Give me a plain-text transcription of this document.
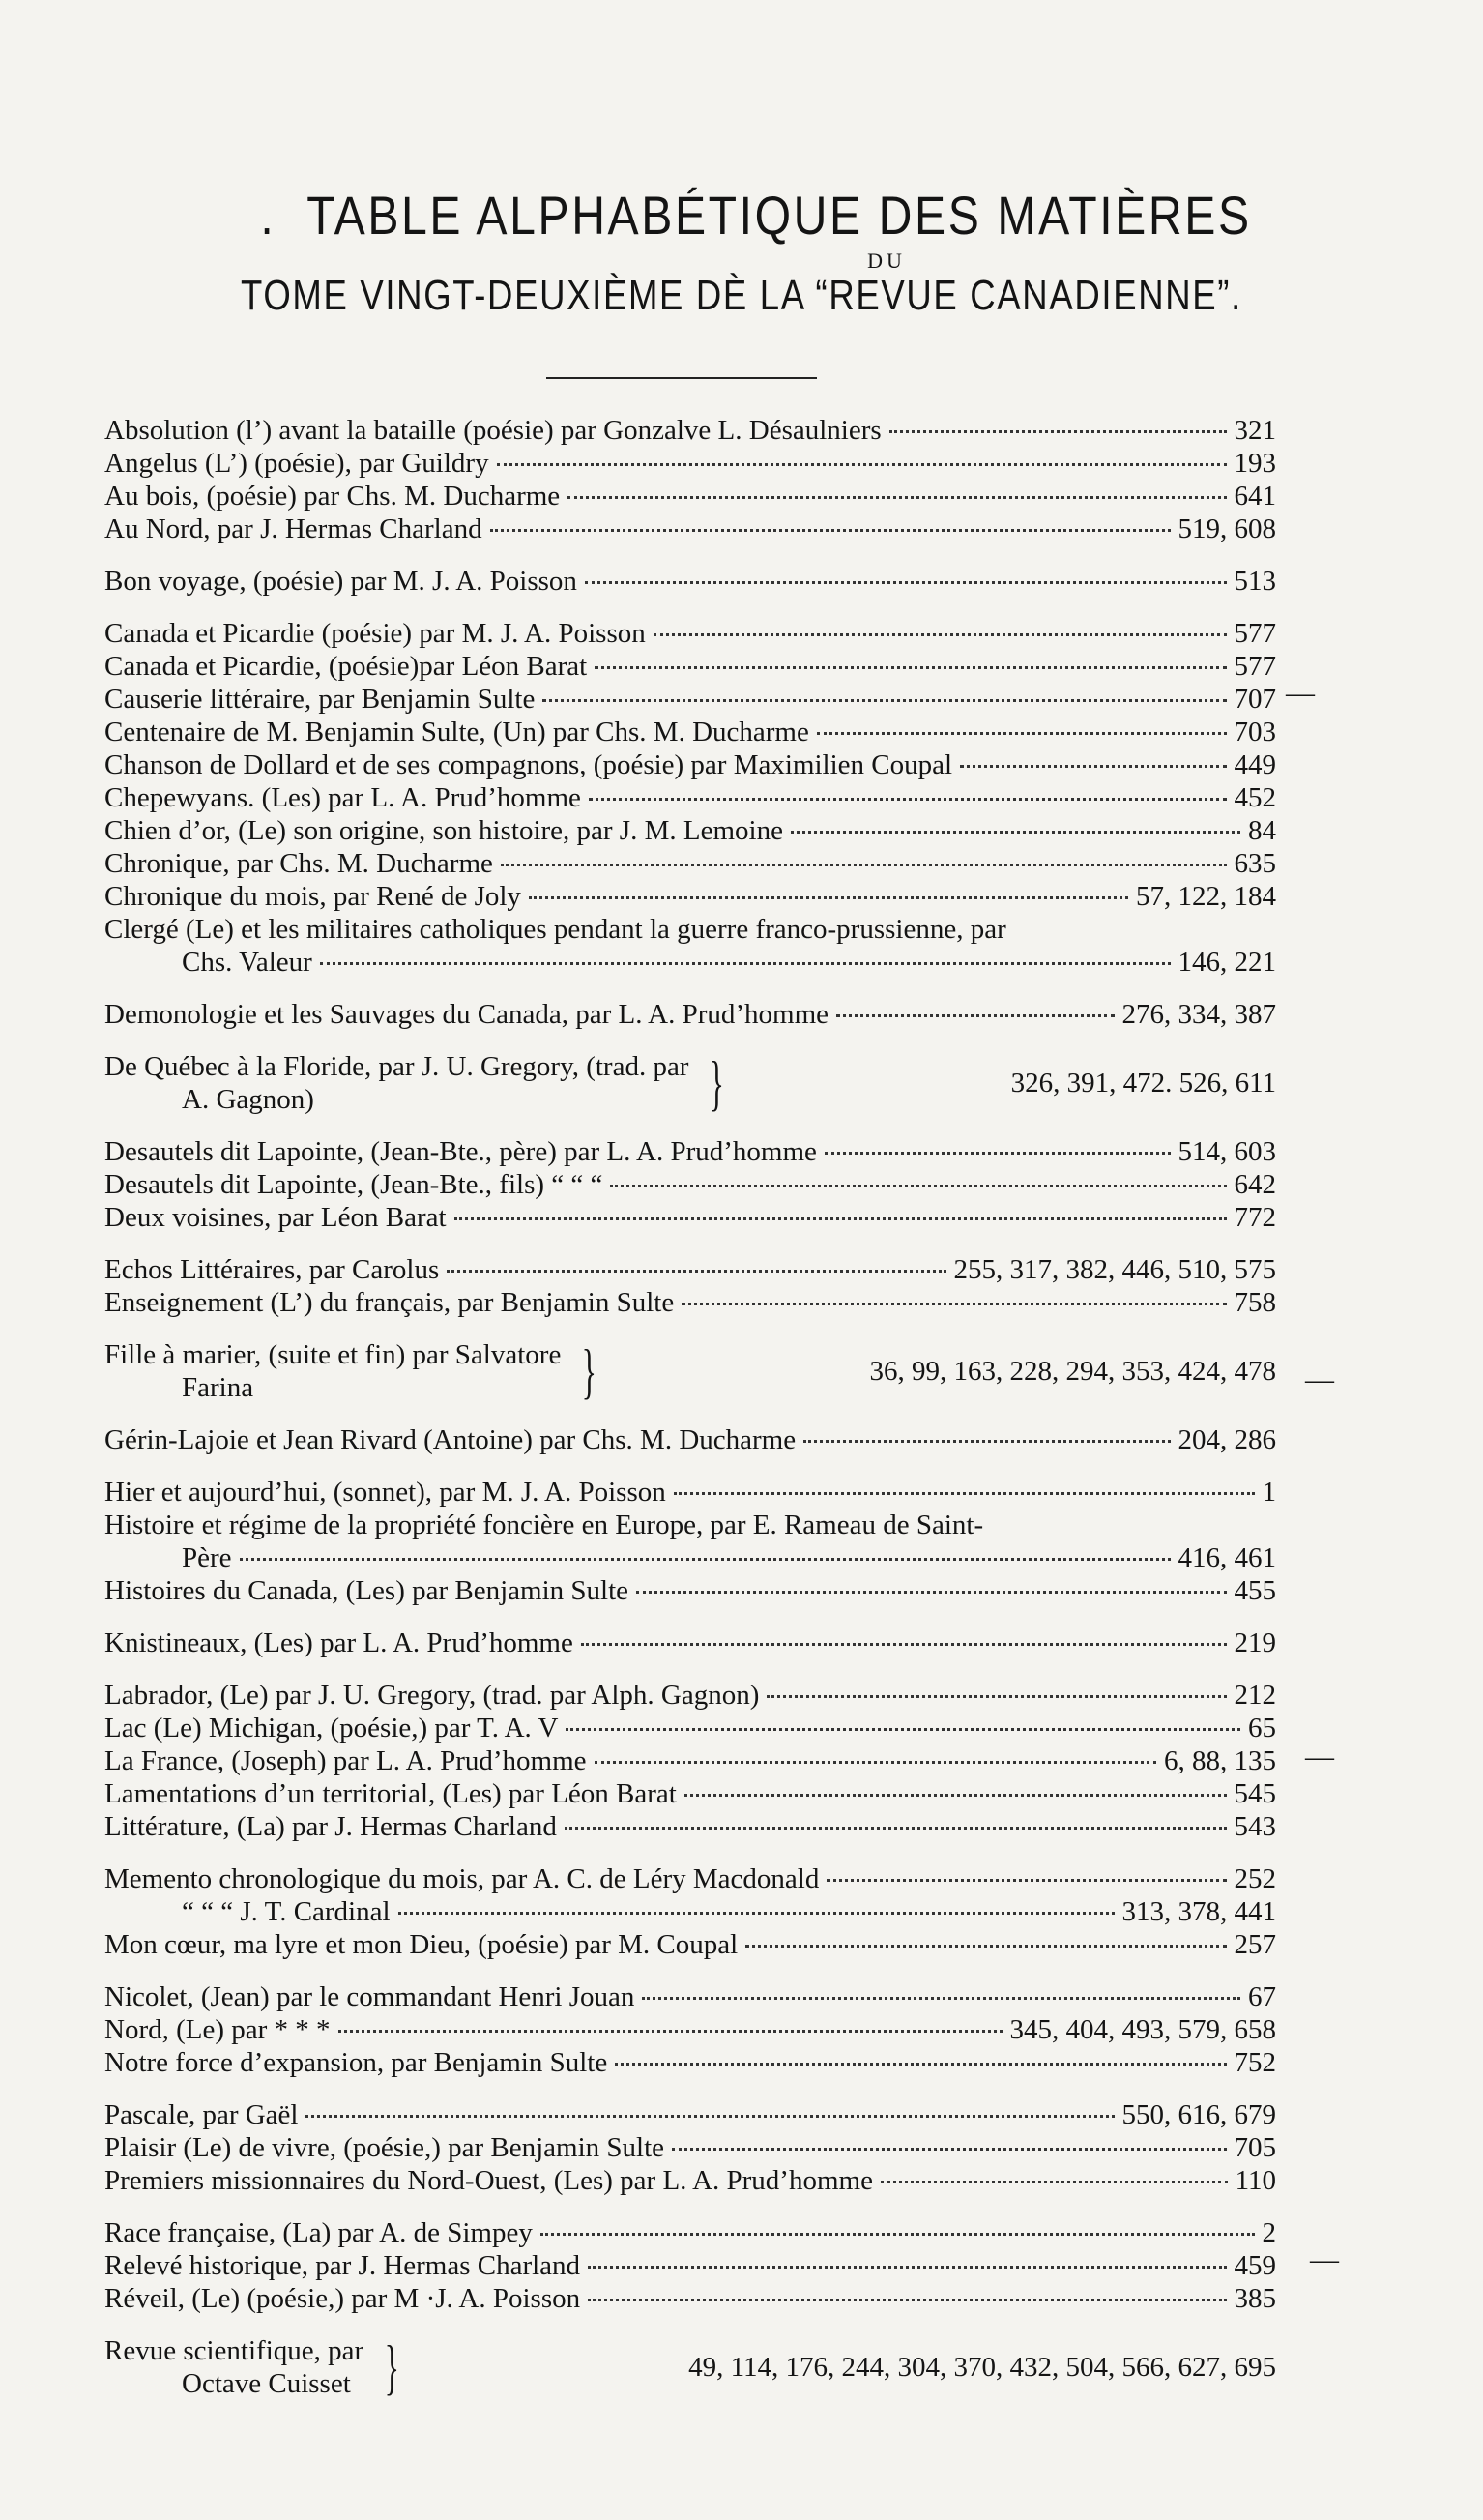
. TABLE ALPHABÉTIQUE DES MATIÈRES
DU
TOME VINGT-DEUXIÈME DÈ LA “REVUE CANADIENNE”.
Absolution (l’) avant la bataille (poésie) par Gonzalve L. Désaulniers	321
Angelus (L’) (poésie), par Guildry	193
Au bois, (poésie) par Chs. M. Ducharme	641
Au Nord, par J. Hermas Charland	519, 608
Bon voyage, (poésie) par M. J. A. Poisson	513
Canada et Picardie (poésie) par M. J. A. Poisson	577
Canada et Picardie, (poésie)par Léon Barat	577
Causerie littéraire, par Benjamin Sulte	707
Centenaire de M. Benjamin Sulte, (Un) par Chs. M. Ducharme	703
Chanson de Dollard et de ses compagnons, (poésie) par Maximilien Coupal	449
Chepewyans. (Les) par L. A. Prud’homme	452
Chien d’or, (Le) son origine, son histoire, par J. M. Lemoine	84
Chronique, par Chs. M. Ducharme	635
Chronique du mois, par René de Joly	57, 122, 184
Clergé (Le) et les militaires catholiques pendant la guerre franco-prussienne, par
Chs. Valeur	146, 221
Demonologie et les Sauvages du Canada, par L. A. Prud’homme	276, 334, 387
De Québec à la Floride, par J. U. Gregory, (trad. par
A. Gagnon)	}	326, 391, 472. 526, 611
Desautels dit Lapointe, (Jean-Bte., père) par L. A. Prud’homme	514, 603
Desautels dit Lapointe, (Jean-Bte., fils) “ “ “	642
Deux voisines, par Léon Barat	772
Echos Littéraires, par Carolus	255, 317, 382, 446, 510, 575
Enseignement (L’) du français, par Benjamin Sulte	758
Fille à marier, (suite et fin) par Salvatore
Farina	}	36, 99, 163, 228, 294, 353, 424, 478
Gérin-Lajoie et Jean Rivard (Antoine) par Chs. M. Ducharme	204, 286
Hier et aujourd’hui, (sonnet), par M. J. A. Poisson	1
Histoire et régime de la propriété foncière en Europe, par E. Rameau de Saint-
Père	416, 461
Histoires du Canada, (Les) par Benjamin Sulte	455
Knistineaux, (Les) par L. A. Prud’homme	219
Labrador, (Le) par J. U. Gregory, (trad. par Alph. Gagnon)	212
Lac (Le) Michigan, (poésie,) par T. A. V	65
La France, (Joseph) par L. A. Prud’homme	6, 88, 135
Lamentations d’un territorial, (Les) par Léon Barat	545
Littérature, (La) par J. Hermas Charland	543
Memento chronologique du mois, par A. C. de Léry Macdonald	252
“ “ “ J. T. Cardinal	313, 378, 441
Mon cœur, ma lyre et mon Dieu, (poésie) par M. Coupal	257
Nicolet, (Jean) par le commandant Henri Jouan	67
Nord, (Le) par * * *	345, 404, 493, 579, 658
Notre force d’expansion, par Benjamin Sulte	752
Pascale, par Gaël	550, 616, 679
Plaisir (Le) de vivre, (poésie,) par Benjamin Sulte	705
Premiers missionnaires du Nord-Ouest, (Les) par L. A. Prud’homme	110
Race française, (La) par A. de Simpey	2
Relevé historique, par J. Hermas Charland	459
Réveil, (Le) (poésie,) par M ·J. A. Poisson	385
Revue scientifique, par
Octave Cuisset }	49, 114, 176, 244, 304, 370, 432, 504, 566, 627, 695
—
—
—
—
